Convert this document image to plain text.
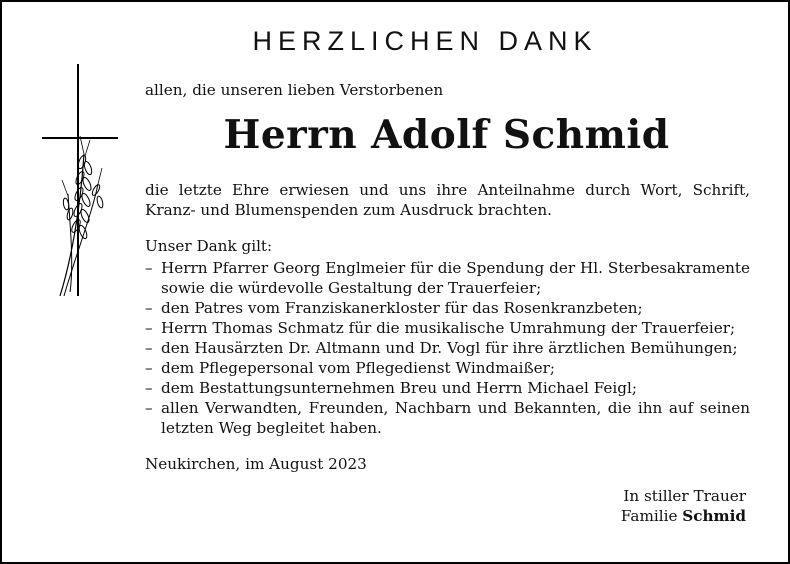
HERZLICHEN DANK
allen, die unseren lieben Verstorbenen
Herrn Adolf Schmid
die letzte Ehre erwiesen und uns ihre Anteilnahme durch Wort, Schrift, Kranz- und Blumenspenden zum Ausdruck brachten.
Unser Dank gilt:
– Herrn Pfarrer Georg Englmeier für die Spendung der Hl. Sterbesakramente sowie die würdevolle Gestaltung der Trauerfeier;
– den Patres vom Franziskanerkloster für das Rosenkranzbeten;
– Herrn Thomas Schmatz für die musikalische Umrahmung der Trauerfeier;
– den Hausärzten Dr. Altmann und Dr. Vogl für ihre ärztlichen Bemühungen;
– dem Pflegepersonal vom Pflegedienst Windmaißer;
– dem Bestattungsunternehmen Breu und Herrn Michael Feigl;
– allen Verwandten, Freunden, Nachbarn und Bekannten, die ihn auf seinen letzten Weg begleitet haben.
Neukirchen, im August 2023
In stiller Trauer
Familie Schmid
